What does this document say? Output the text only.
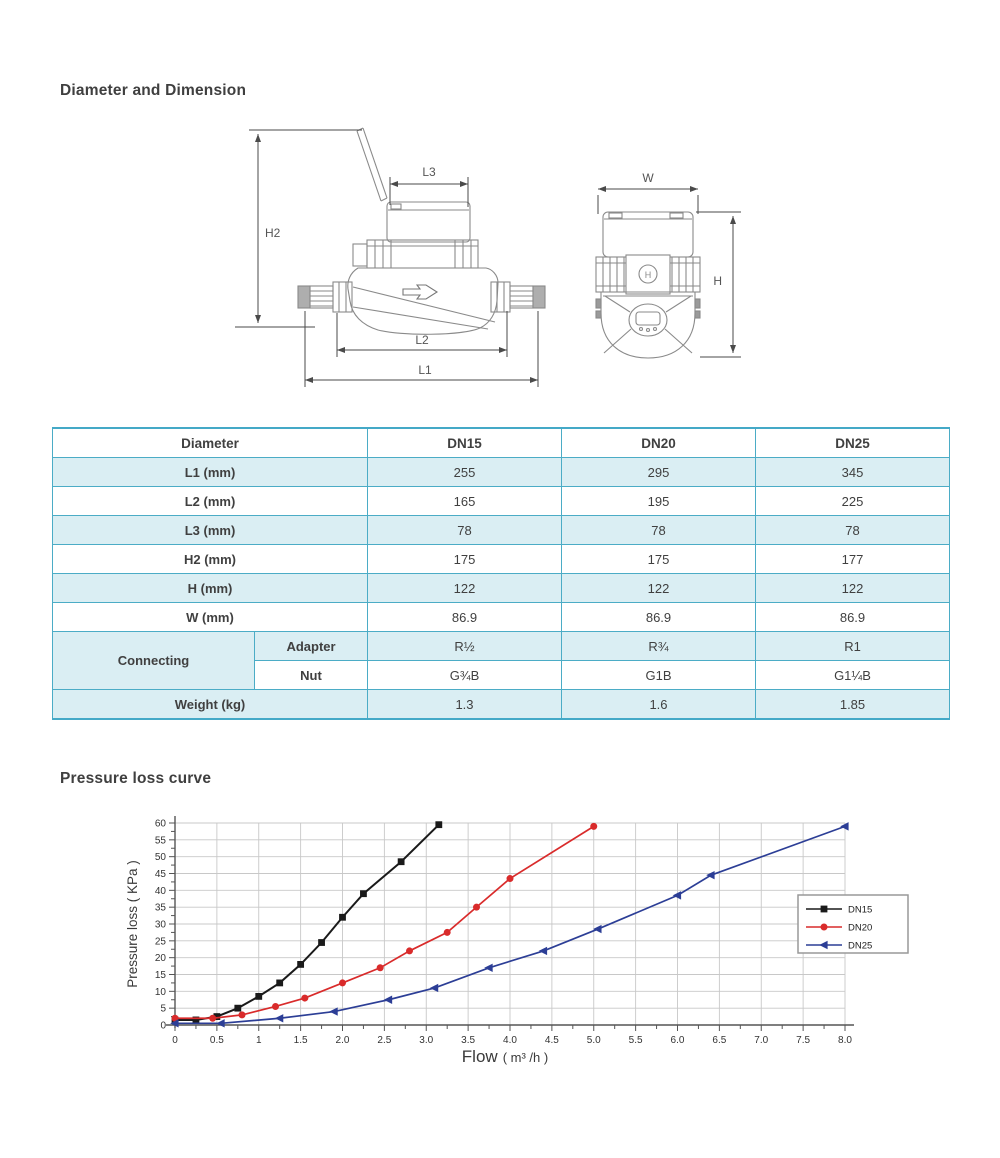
Diameter and Dimension
Pressure loss curve
H
H2
L3
L2
L1
W
H
Diameter		DN15	DN20	DN25
L1 (mm)		255	295	345
L2 (mm)		165	195	225
L3 (mm)		78	78	78
H2 (mm)		175	175	177
H (mm)		122	122	122
W (mm)		86.9	86.9	86.9
Connecting	Adapter	R½	R¾	R1
	Nut	G¾B	G1B	G1¼B
Weight (kg)		1.3	1.6	1.85
0	0.5	1	1.5	2.0	2.5	3.0	3.5	4.0	4.5	5.0	5.5	6.0	6.5	7.0	7.5	8.0
0
5
10
15
20
25
30
35
40
45
50
55
60
Pressure loss ( KPa )
Flow ( m³ /h )
DN15
DN20
DN25
